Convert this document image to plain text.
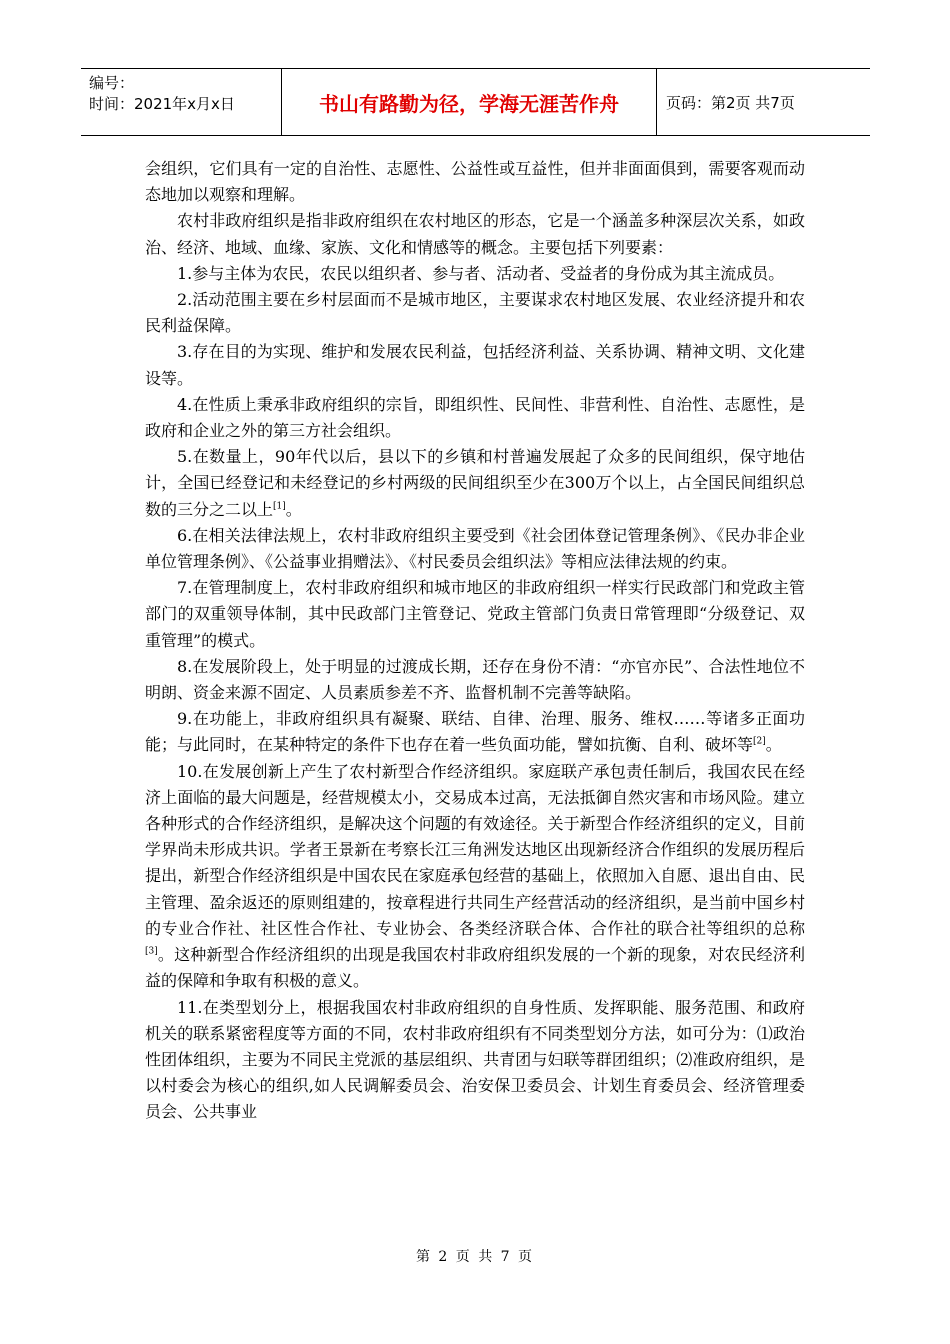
编号：
时间：2021年x月x日	书山有路勤为径，学海无涯苦作舟	页码：第2页 共7页

会组织，它们具有一定的自治性、志愿性、公益性或互益性，但并非面面俱到，需要客观而动态地加以观察和理解。

农村非政府组织是指非政府组织在农村地区的形态，它是一个涵盖多种深层次关系，如政治、经济、地域、血缘、家族、文化和情感等的概念。主要包括下列要素：

1.参与主体为农民，农民以组织者、参与者、活动者、受益者的身份成为其主流成员。

2.活动范围主要在乡村层面而不是城市地区，主要谋求农村地区发展、农业经济提升和农民利益保障。

3.存在目的为实现、维护和发展农民利益，包括经济利益、关系协调、精神文明、文化建设等。

4.在性质上秉承非政府组织的宗旨，即组织性、民间性、非营利性、自治性、志愿性，是政府和企业之外的第三方社会组织。

5.在数量上，90年代以后，县以下的乡镇和村普遍发展起了众多的民间组织，保守地估计，全国已经登记和未经登记的乡村两级的民间组织至少在300万个以上，占全国民间组织总数的三分之二以上[1]。

6.在相关法律法规上，农村非政府组织主要受到《社会团体登记管理条例》、《民办非企业单位管理条例》、《公益事业捐赠法》、《村民委员会组织法》等相应法律法规的约束。

7.在管理制度上，农村非政府组织和城市地区的非政府组织一样实行民政部门和党政主管部门的双重领导体制，其中民政部门主管登记、党政主管部门负责日常管理即“分级登记、双重管理”的模式。

8.在发展阶段上，处于明显的过渡成长期，还存在身份不清：“亦官亦民”、合法性地位不明朗、资金来源不固定、人员素质参差不齐、监督机制不完善等缺陷。

9.在功能上，非政府组织具有凝聚、联结、自律、治理、服务、维权……等诸多正面功能；与此同时，在某种特定的条件下也存在着一些负面功能，譬如抗衡、自利、破坏等[2]。

10.在发展创新上产生了农村新型合作经济组织。家庭联产承包责任制后，我国农民在经济上面临的最大问题是，经营规模太小，交易成本过高，无法抵御自然灾害和市场风险。建立各种形式的合作经济组织，是解决这个问题的有效途径。关于新型合作经济组织的定义，目前学界尚未形成共识。学者王景新在考察长江三角洲发达地区出现新经济合作组织的发展历程后提出，新型合作经济组织是中国农民在家庭承包经营的基础上，依照加入自愿、退出自由、民主管理、盈余返还的原则组建的，按章程进行共同生产经营活动的经济组织，是当前中国乡村的专业合作社、社区性合作社、专业协会、各类经济联合体、合作社的联合社等组织的总称[3]。这种新型合作经济组织的出现是我国农村非政府组织发展的一个新的现象，对农民经济利益的保障和争取有积极的意义。

11.在类型划分上，根据我国农村非政府组织的自身性质、发挥职能、服务范围、和政府机关的联系紧密程度等方面的不同，农村非政府组织有不同类型划分方法，如可分为：⑴政治性团体组织，主要为不同民主党派的基层组织、共青团与妇联等群团组织；⑵准政府组织，是以村委会为核心的组织,如人民调解委员会、治安保卫委员会、计划生育委员会、经济管理委员会、公共事业

第 2 页 共 7 页
